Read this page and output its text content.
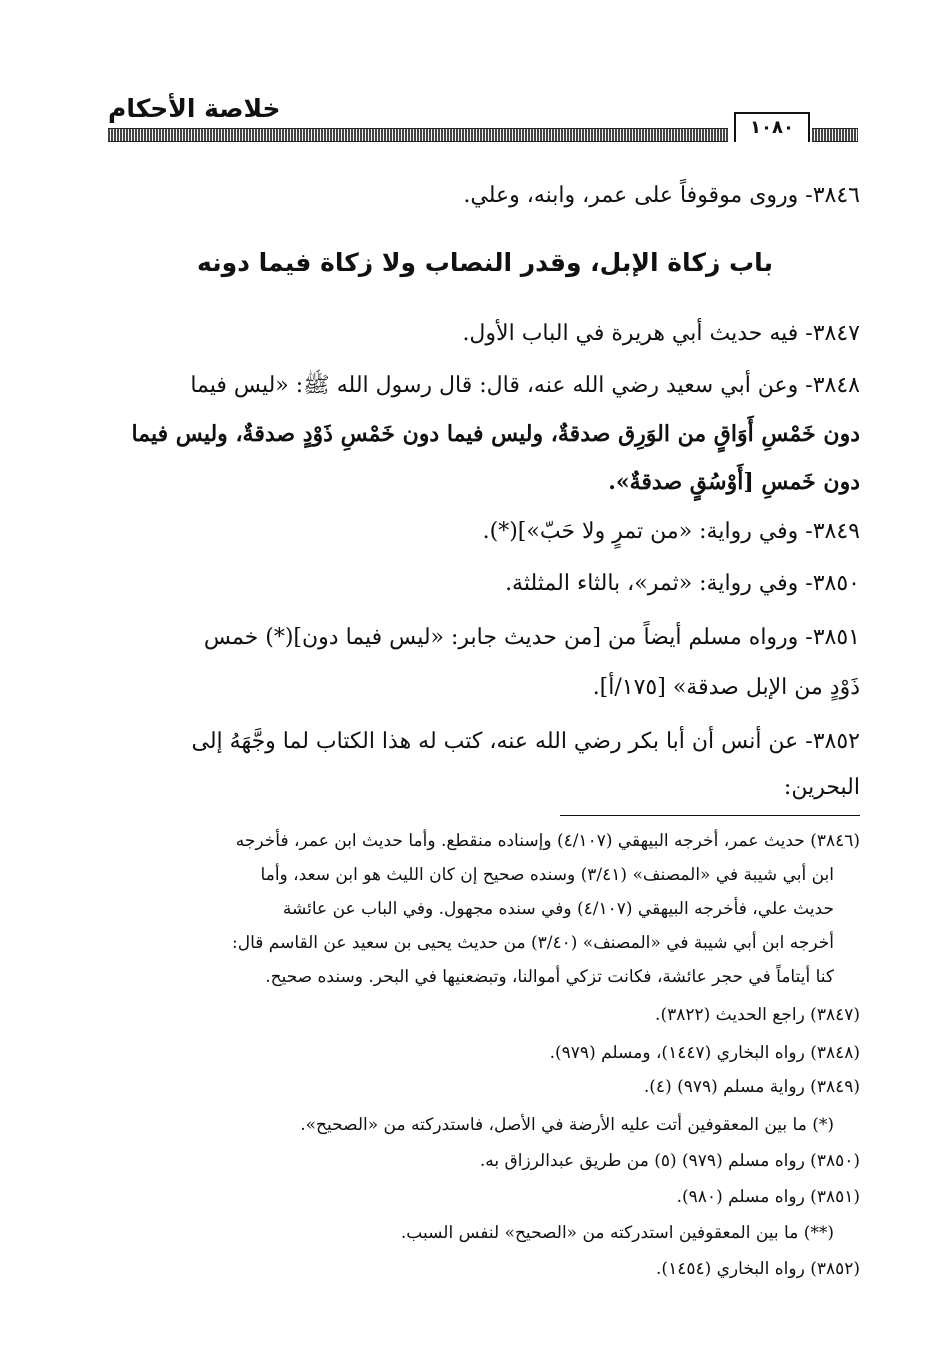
خلاصة الأحكام
١٠٨٠
٣٨٤٦- وروى موقوفاً على عمر، وابنه، وعلي.
باب زكاة الإبل، وقدر النصاب ولا زكاة فيما دونه
٣٨٤٧- فيه حديث أبي هريرة في الباب الأول.
٣٨٤٨- وعن أبي سعيد رضي الله عنه، قال: قال رسول الله ﷺ: «ليس فيما
دون خَمْسِ أَوَاقٍ من الوَرِق صدقةٌ، وليس فيما دون خَمْسِ ذَوْدٍ صدقةٌ، وليس فيما
دون خَمسِ [أَوْسُقٍ صدقةٌ».
٣٨٤٩- وفي رواية: «من تمرٍ ولا حَبّ»](*).
٣٨٥٠- وفي رواية: «ثمر»، بالثاء المثلثة.
٣٨٥١- ورواه مسلم أيضاً من [من حديث جابر: «ليس فيما دون](*) خمس
ذَوْدٍ من الإبل صدقة» [١٧٥/أ].
٣٨٥٢- عن أنس أن أبا بكر رضي الله عنه، كتب له هذا الكتاب لما وجَّهَهُ إلى
البحرين:
(٣٨٤٦) حديث عمر، أخرجه البيهقي (٤/١٠٧) وإسناده منقطع. وأما حديث ابن عمر، فأخرجه
ابن أبي شيبة في «المصنف» (٣/٤١) وسنده صحيح إن كان الليث هو ابن سعد، وأما
حديث علي، فأخرجه البيهقي (٤/١٠٧) وفي سنده مجهول. وفي الباب عن عائشة
أخرجه ابن أبي شيبة في «المصنف» (٣/٤٠) من حديث يحيى بن سعيد عن القاسم قال:
كنا أيتاماً في حجر عائشة، فكانت تزكي أموالنا، وتبضعنيها في البحر. وسنده صحيح.
(٣٨٤٧) راجع الحديث (٣٨٢٢).
(٣٨٤٨) رواه البخاري (١٤٤٧)، ومسلم (٩٧٩).
(٣٨٤٩) رواية مسلم (٩٧٩) (٤).
(*) ما بين المعقوفين أتت عليه الأرضة في الأصل، فاستدركته من «الصحيح».
(٣٨٥٠) رواه مسلم (٩٧٩) (٥) من طريق عبدالرزاق به.
(٣٨٥١) رواه مسلم (٩٨٠).
(**) ما بين المعقوفين استدركته من «الصحيح» لنفس السبب.
(٣٨٥٢) رواه البخاري (١٤٥٤).
